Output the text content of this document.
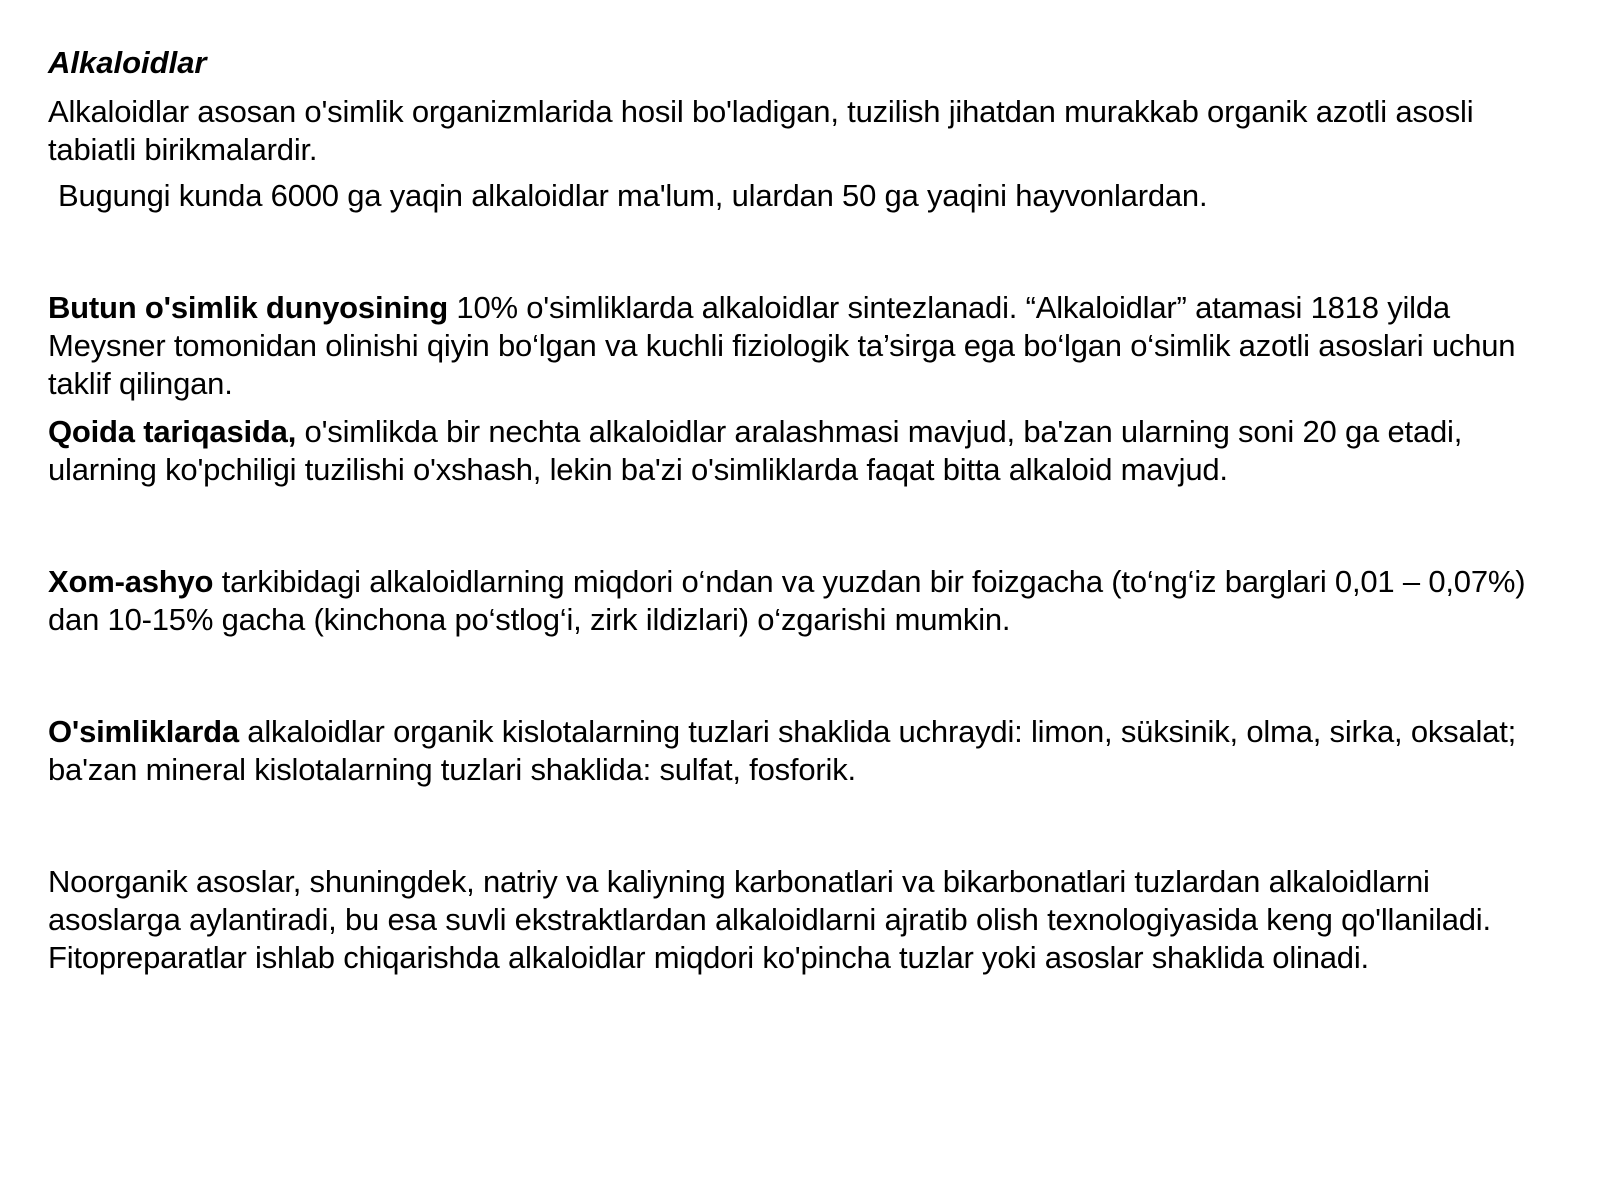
Alkaloidlar

Alkaloidlar asosan o'simlik organizmlarida hosil bo'ladigan, tuzilish jihatdan murakkab organik azotli asosli tabiatli birikmalardir.

Bugungi kunda 6000 ga yaqin alkaloidlar ma'lum, ulardan 50 ga yaqini hayvonlardan.

Butun o'simlik dunyosining 10% o'simliklarda alkaloidlar sintezlanadi. “Alkaloidlar” atamasi 1818 yilda Meysner tomonidan olinishi qiyin bo‘lgan va kuchli fiziologik ta’sirga ega bo‘lgan o‘simlik azotli asoslari uchun taklif qilingan.

Qoida tariqasida, o'simlikda bir nechta alkaloidlar aralashmasi mavjud, ba'zan ularning soni 20 ga etadi, ularning ko'pchiligi tuzilishi o'xshash, lekin ba'zi o'simliklarda faqat bitta alkaloid mavjud.

Xom-ashyo tarkibidagi alkaloidlarning miqdori o‘ndan va yuzdan bir foizgacha (to‘ng‘iz barglari 0,01 – 0,07%) dan 10-15% gacha (kinchona po‘stlog‘i, zirk ildizlari) o‘zgarishi mumkin.

O'simliklarda alkaloidlar organik kislotalarning tuzlari shaklida uchraydi: limon, süksinik, olma, sirka, oksalat; ba'zan mineral kislotalarning tuzlari shaklida: sulfat, fosforik.

Noorganik asoslar, shuningdek, natriy va kaliyning karbonatlari va bikarbonatlari tuzlardan alkaloidlarni asoslarga aylantiradi, bu esa suvli ekstraktlardan alkaloidlarni ajratib olish texnologiyasida keng qo'llaniladi. Fitopreparatlar ishlab chiqarishda alkaloidlar miqdori ko'pincha tuzlar yoki asoslar shaklida olinadi.
